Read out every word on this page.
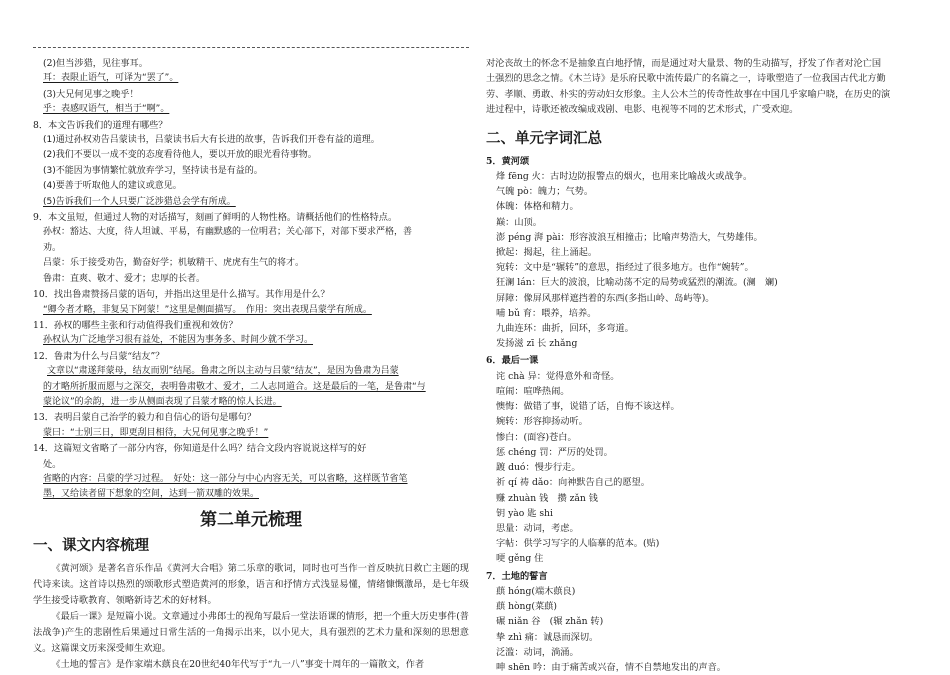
(2)但当涉猎，见往事耳。
耳：表限止语气，可译为“罢了”。
(3)大兄何见事之晚乎！
乎：表感叹语气，相当于“啊”。
8．本文告诉我们的道理有哪些？
(1)通过孙权劝告吕蒙读书，吕蒙读书后大有长进的故事，告诉我们开卷有益的道理。
(2)我们不要以一成不变的态度看待他人，要以开放的眼光看待事物。
(3)不能因为事情繁忙就放弃学习，坚持读书是有益的。
(4)要善于听取他人的建议或意见。
(5)告诉我们一个人只要广泛涉猎总会学有所成。
9．本文虽短，但通过人物的对话描写，刻画了鲜明的人物性格。请概括他们的性格特点。
孙权：豁达、大度，待人坦诚、平易，有幽默感的一位明君；关心部下，对部下要求严格，善
劝。
吕蒙：乐于接受劝告，勤奋好学；机敏精干、虎虎有生气的将才。
鲁肃：直爽、敬才、爱才；忠厚的长者。
10．找出鲁肃赞扬吕蒙的语句，并指出这里是什么描写。其作用是什么？
“卿今者才略，非复吴下阿蒙！”这里是侧面描写。　作用：突出表现吕蒙学有所成。
11．孙权的哪些主张和行动值得我们重视和效仿？
孙权认为广泛地学习很有益处，不能因为事务多、时间少就不学习。
12．鲁肃为什么与吕蒙“结友”？
文章以“肃遂拜蒙母，结友而别”结尾。鲁肃之所以主动与吕蒙“结友”，是因为鲁肃为吕蒙
的才略所折服而愿与之深交，表明鲁肃敬才、爱才，二人志同道合。这是最后的一笔，是鲁肃“与
蒙论议”的余韵，进一步从侧面表现了吕蒙才略的惊人长进。
13．表明吕蒙自己治学的毅力和自信心的语句是哪句？
蒙曰：“士别三日，即更刮目相待，大兄何见事之晚乎！”
14．这篇短文省略了一部分内容，你知道是什么吗？结合文段内容说说这样写的好
处。
省略的内容：吕蒙的学习过程。　好处：这一部分与中心内容无关，可以省略，这样既节省笔
墨，又给读者留下想象的空间，达到一箭双雕的效果。
第二单元梳理
一、课文内容梳理
《黄河颂》是著名音乐作品《黄河大合唱》第二乐章的歌词，同时也可当作一首反映抗日救亡主题的现代诗来读。这首诗以热烈的颂歌形式塑造黄河的形象，语言和抒情方式浅显易懂，情绪慷慨激昂，是七年级学生接受诗歌教育、领略新诗艺术的好材料。
《最后一课》是短篇小说。文章通过小弗郎士的视角写最后一堂法语课的情形，把一个重大历史事件(普法战争)产生的悲剧性后果通过日常生活的一角揭示出来，以小见大，具有强烈的艺术力量和深刻的思想意义。这篇课文历来深受师生欢迎。
《土地的誓言》是作家端木蕻良在20世纪40年代写于“九一八”事变十周年的一篇散文，作者
对沦丧故土的怀念不是抽象直白地抒情，而是通过对大量景、物的生动描写，抒发了作者对沦亡国
土强烈的思念之情。《木兰诗》是乐府民歌中流传最广的名篇之一，诗歌塑造了一位我国古代北方勤
劳、孝顺、勇敢、朴实的劳动妇女形象。主人公木兰的传奇性故事在中国几乎家喻户晓，在历史的演
进过程中，诗歌还被改编成戏剧、电影、电视等不同的艺术形式，广受欢迎。
二、单元字词汇总
5．黄河颂
烽 fēng 火：古时边防报警点的烟火，也用来比喻战火或战争。
气魄 pò：魄力；气势。
体魄：体格和精力。
巅：山顶。
澎 péng 湃 pài：形容波浪互相撞击；比喻声势浩大，气势雄伟。
掀起：揭起，往上涌起。
宛转：文中是“辗转”的意思，指经过了很多地方。也作“婉转”。
狂澜 lán：巨大的波浪，比喻动荡不定的局势或猛烈的潮流。(澜　斓)
屏障：像屏风那样遮挡着的东西(多指山岭、岛屿等)。
哺 bǔ 育：喂养，培养。
九曲连环：曲折，回环，多弯道。
发扬滋 zī 长 zhǎng
6．最后一课
诧 chà 异：觉得意外和奇怪。
喧闹：喧哗热闹。
懊悔：做错了事，说错了话，自悔不该这样。
婉转：形容抑扬动听。
惨白：(面容)苍白。
惩 chéng 罚：严厉的处罚。
踱 duó：慢步行走。
祈 qí 祷 dǎo：向神默告自己的愿望。
赚 zhuàn 钱　攒 zǎn 钱
钥 yào 匙 shi
思量：动词，考虑。
字帖：供学习写字的人临摹的范本。(贴)
哽 gěng 住
7．土地的誓言
蕻 hóng(端木蕻良)
蕻 hòng(菜蕻)
碾 niǎn 谷　(辗 zhǎn 转)
挚 zhì 痛：诚恳而深切。
泛滥：动词，淌涌。
呻 shēn 吟：由于痛苦或兴奋，情不自禁地发出的声音。
